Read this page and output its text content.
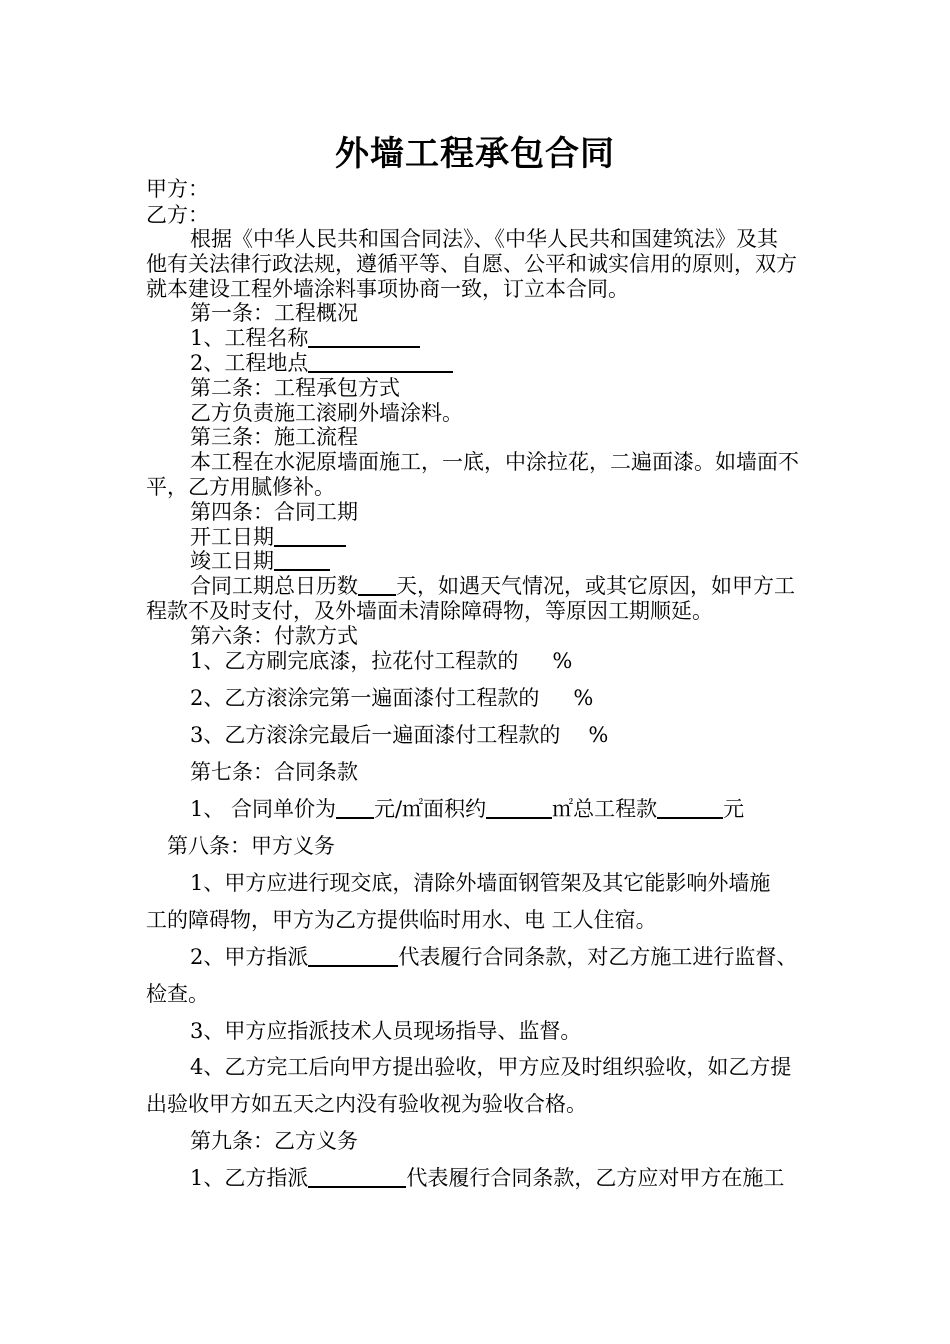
外墙工程承包合同
甲方：
乙方：
根据《中华人民共和国合同法》、《中华人民共和国建筑法》及其
他有关法律行政法规，遵循平等、自愿、公平和诚实信用的原则，双方
就本建设工程外墙涂料事项协商一致，订立本合同。
第一条：工程概况
1、工程名称
2、工程地点
第二条：工程承包方式
乙方负责施工滚刷外墙涂料。
第三条：施工流程
本工程在水泥原墙面施工，一底，中涂拉花，二遍面漆。如墙面不
平，乙方用腻修补。
第四条：合同工期
开工日期
竣工日期
合同工期总日历数 天，如遇天气情况，或其它原因，如甲方工
程款不及时支付，及外墙面未清除障碍物，等原因工期顺延。
第六条：付款方式
1、乙方刷完底漆，拉花付工程款的 %
2、乙方滚涂完第一遍面漆付工程款的 %
3、乙方滚涂完最后一遍面漆付工程款的 %
第七条：合同条款
1、 合同单价为 元/㎡面积约	㎡总工程款	元
第八条：甲方义务
1、甲方应进行现交底，清除外墙面钢管架及其它能影响外墙施
工的障碍物，甲方为乙方提供临时用水、电 工人住宿。
2、甲方指派	代表履行合同条款，对乙方施工进行监督、
检查。
3、甲方应指派技术人员现场指导、监督。
4、乙方完工后向甲方提出验收，甲方应及时组织验收，如乙方提
出验收甲方如五天之内没有验收视为验收合格。
第九条：乙方义务
1、乙方指派	代表履行合同条款，乙方应对甲方在施工
